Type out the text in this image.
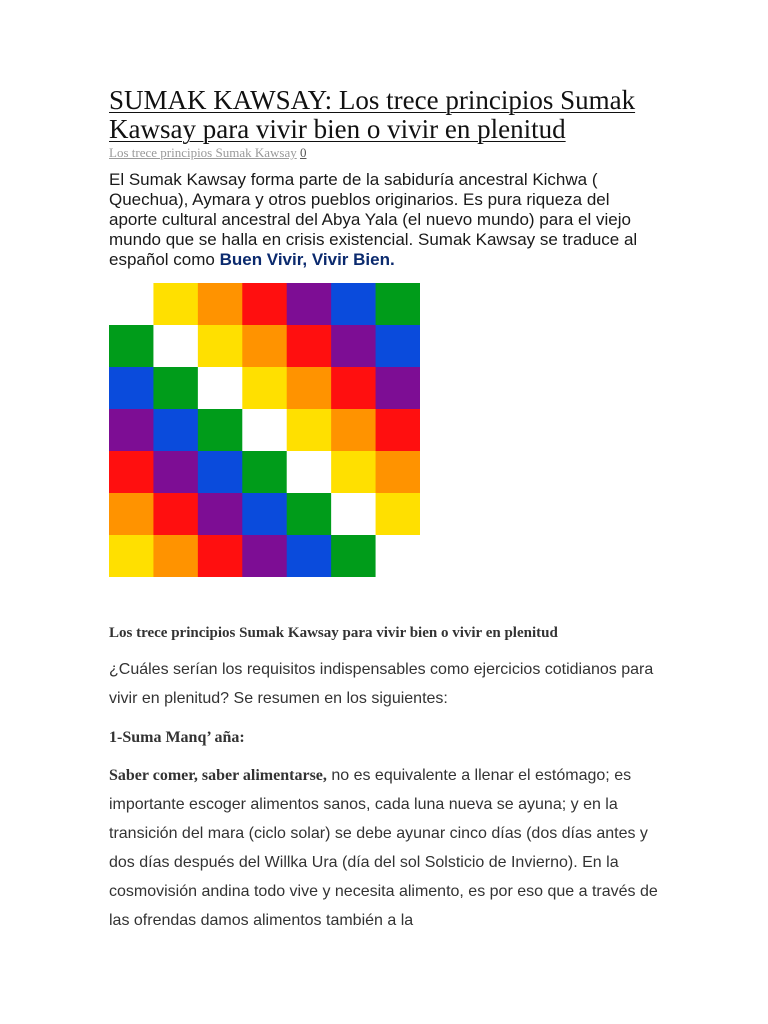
SUMAK KAWSAY: Los trece principios Sumak Kawsay para vivir bien o vivir en plenitud
Los trece principios Sumak Kawsay 0

El Sumak Kawsay forma parte de la sabiduría ancestral Kichwa ( Quechua), Aymara y otros pueblos originarios. Es pura riqueza del aporte cultural ancestral del Abya Yala (el nuevo mundo) para el viejo mundo que se halla en crisis existencial. Sumak Kawsay se traduce al español como Buen Vivir, Vivir Bien.

Los trece principios Sumak Kawsay para vivir bien o vivir en plenitud

¿Cuáles serían los requisitos indispensables como ejercicios cotidianos para vivir en plenitud? Se resumen en los siguientes:

1-Suma Manq’ aña:

Saber comer, saber alimentarse, no es equivalente a llenar el estómago; es importante escoger alimentos sanos, cada luna nueva se ayuna; y en la transición del mara (ciclo solar) se debe ayunar cinco días (dos días antes y dos días después del Willka Ura (día del sol Solsticio de Invierno). En la cosmovisión andina todo vive y necesita alimento, es por eso que a través de las ofrendas damos alimentos también a la
